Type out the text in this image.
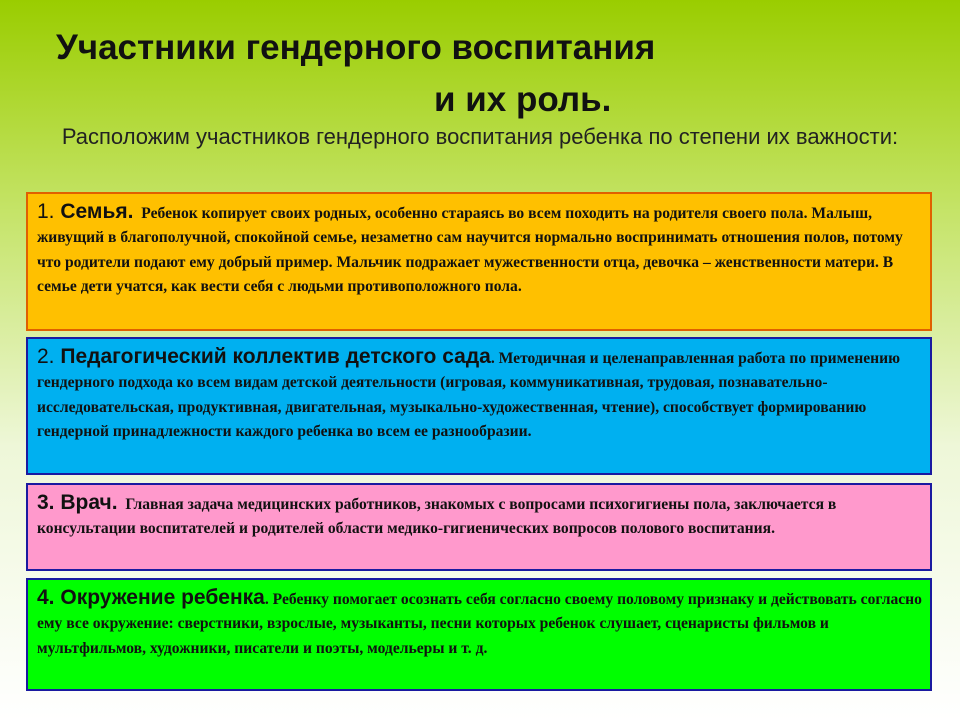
Участники гендерного воспитания
и их роль.
Расположим участников гендерного воспитания ребенка по степени их важности:
1. Семья. Ребенок копирует своих родных, особенно стараясь во всем походить на родителя своего пола. Малыш, живущий в благополучной, спокойной семье, незаметно сам научится нормально воспринимать отношения полов, потому что родители подают ему добрый пример. Мальчик подражает мужественности отца, девочка – женственности матери. В семье дети учатся, как вести себя с людьми противоположного пола.
2. Педагогический коллектив детского сада. Методичная и целенаправленная работа по применению гендерного подхода ко всем видам детской деятельности (игровая, коммуникативная, трудовая, познавательно-исследовательская, продуктивная, двигательная, музыкально-художественная, чтение), способствует формированию гендерной принадлежности каждого ребенка во всем ее разнообразии.
3. Врач. Главная задача медицинских работников, знакомых с вопросами психогигиены пола, заключается в консультации воспитателей и родителей области медико-гигиенических вопросов полового воспитания.
4. Окружение ребенка. Ребенку помогает осознать себя согласно своему половому признаку и действовать согласно ему все окружение: сверстники, взрослые, музыканты, песни которых ребенок слушает, сценаристы фильмов и мультфильмов, художники, писатели и поэты, модельеры и т. д.
